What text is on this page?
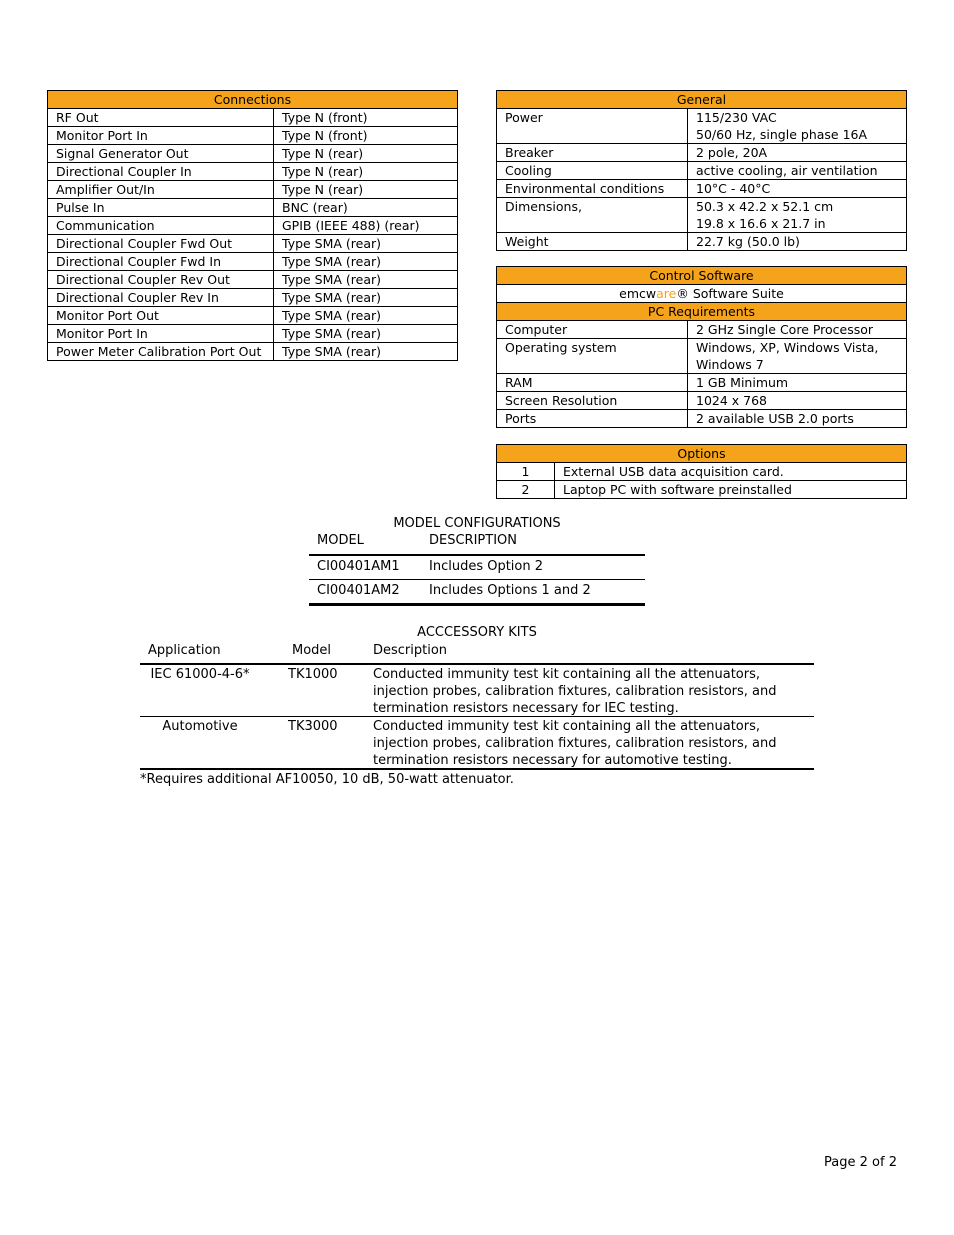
Connections	
RF Out	Type N (front)
Monitor Port In	Type N (front)
Signal Generator Out	Type N (rear)
Directional Coupler In	Type N (rear)
Amplifier Out/In	Type N (rear)
Pulse In	BNC (rear)
Communication	GPIB (IEEE 488) (rear)
Directional Coupler Fwd Out	Type SMA (rear)
Directional Coupler Fwd In	Type SMA (rear)
Directional Coupler Rev Out	Type SMA (rear)
Directional Coupler Rev In	Type SMA (rear)
Monitor Port Out	Type SMA (rear)
Monitor Port In	Type SMA (rear)
Power Meter Calibration Port Out	Type SMA (rear)
General	
Power	115/230 VAC
50/60 Hz, single phase 16A

Breaker	2 pole, 20A
Cooling	active cooling, air ventilation
Environmental conditions	10°C - 40°C
Dimensions,	50.3 x 42.2 x 52.1 cm
19.8 x 16.6 x 21.7 in

Weight	22.7 kg (50.0 lb)
Control Software	
emcware® Software Suite	
PC Requirements	
Computer	2 GHz Single Core Processor
Operating system	Windows, XP, Windows Vista,
Windows 7

RAM	1 GB Minimum
Screen Resolution	1024 x 768
Ports	2 available USB 2.0 ports
Options	
1	External USB data acquisition card.
2	Laptop PC with software preinstalled
MODEL CONFIGURATIONS
MODEL	DESCRIPTION
CI00401AM1 Includes Option 2
CI00401AM2 Includes Options 1 and 2
ACCCESSORY KITS
Application	Model	Description
IEC 61000-4-6*	TK1000	Conducted immunity test kit containing all the attenuators, injection probes, calibration fixtures, calibration resistors, and termination resistors necessary for IEC testing.
Automotive	TK3000	Conducted immunity test kit containing all the attenuators, injection probes, calibration fixtures, calibration resistors, and termination resistors necessary for automotive testing.
*Requires additional AF10050, 10 dB, 50-watt attenuator.
Page 2 of 2
